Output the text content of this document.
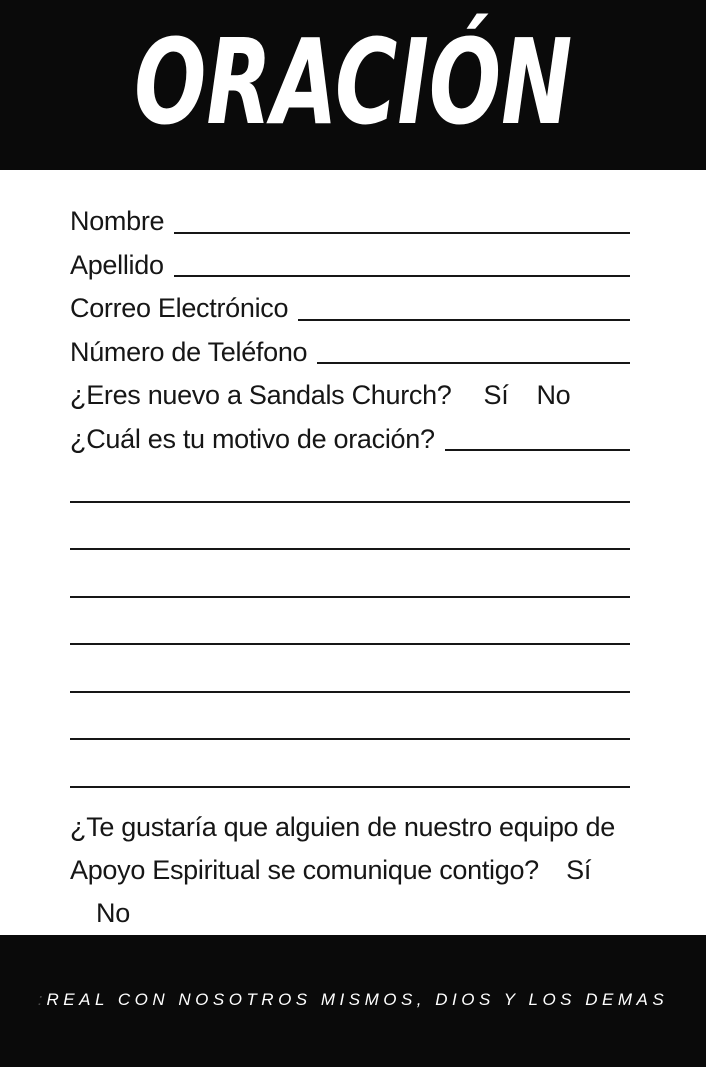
ORACIÓN
Nombre
Apellido
Correo Electrónico
Número de Teléfono
¿Eres nuevo a Sandals Church? Sí No
¿Cuál es tu motivo de oración?
¿Te gustaría que alguien de nuestro equipo de
Apoyo Espiritual se comunique contigo? Sí No
: REAL CON NOSOTROS MISMOS, DIOS Y LOS DEMAS
